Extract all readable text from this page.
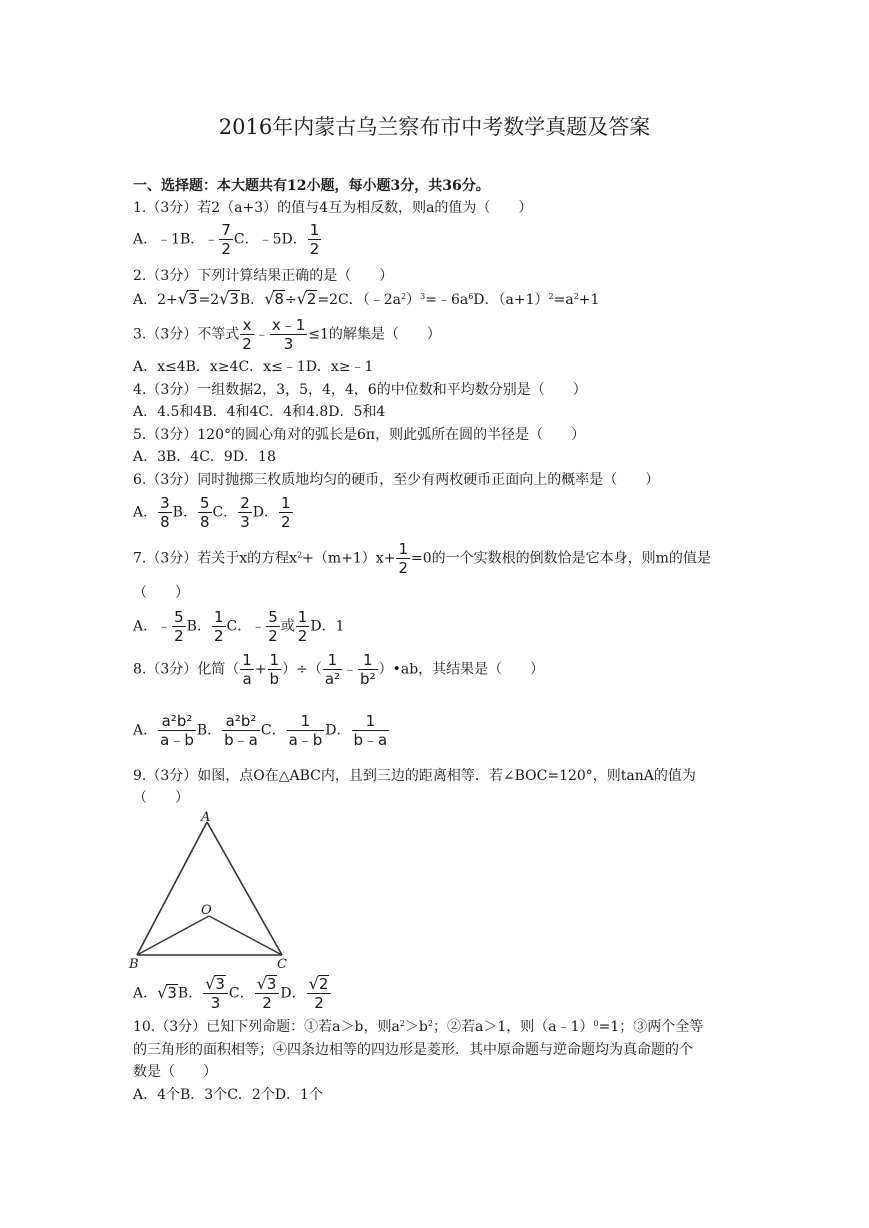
2016年内蒙古乌兰察布市中考数学真题及答案
一、选择题：本大题共有12小题，每小题3分，共36分。
1.（3分）若2（a+3）的值与4互为相反数，则a的值为（　　）
A．﹣1B．﹣ $\frac{7}{2}$ C．﹣5D． $\frac{1}{2}$
2.（3分）下列计算结果正确的是（　　）
A．2+√3=2√3B．√8÷√2=2C．$(﹣2a^2)^3=﹣6a^6D$．$(a+1)^2=a^2+1$
3.（3分）不等式 $\frac{x}{2}$ ﹣ $\frac{x﹣1}{3} \le 1$的解集是（　　）
A．x≤4B．x≥4C．x≤﹣1D．x≥﹣1
4.（3分）一组数据2，3，5，4，4，6的中位数和平均数分别是（　　）
A．4.5和4B．4和4C．4和4.8D．5和4
5.（3分）120°的圆心角对的弧长是6π，则此弧所在圆的半径是（　　）
A．3B．4C．9D．18
6.（3分）同时抛掷三枚质地均匀的硬币，至少有两枚硬币正面向上的概率是（　　）
A． $\frac{3}{8}$ B． $\frac{5}{8}$ C． $\frac{2}{3}$ D． $\frac{1}{2}$
7.（3分）若关于x的方程$x^2+(m+1)x+ \frac{1}{2} =0$的一个实数根的倒数恰是它本身，则m的值是
（　　）
A．﹣ $\frac{5}{2}$ B． $\frac{1}{2}$ C．﹣ $\frac{5}{2}$ 或 $\frac{1}{2}$ D．1
8.（3分）化简（ $\frac{1}{a} + \frac{1}{b}$ ）÷（ $\frac{1}{\text{a²}}$ ﹣ $\frac{1}{\text{b²}}$ ）•ab，其结果是（　　）
A． $\frac{\text{a²b²}}{a﹣b}$ B． $\frac{\text{a²b²}}{b﹣a}$ C． $\frac{1}{a﹣b}$ D． $\frac{1}{b﹣a}$
9.（3分）如图，点O在△ABC内，且到三边的距离相等．若∠BOC=120°，则tanA的值为
（　　）
A
B	C
O
A．√3B． $\frac{√3}{3}$ C． $\frac{√3}{2}$ D． $\frac{√2}{2}$
10.（3分）已知下列命题：①若a＞b，则$a^2>b^2$；②若a＞1，则（a﹣1）$^0$=1；③两个全等
的三角形的面积相等；④四条边相等的四边形是菱形．其中原命题与逆命题均为真命题的个
数是（　　）
A．4个B．3个C．2个D．1个
